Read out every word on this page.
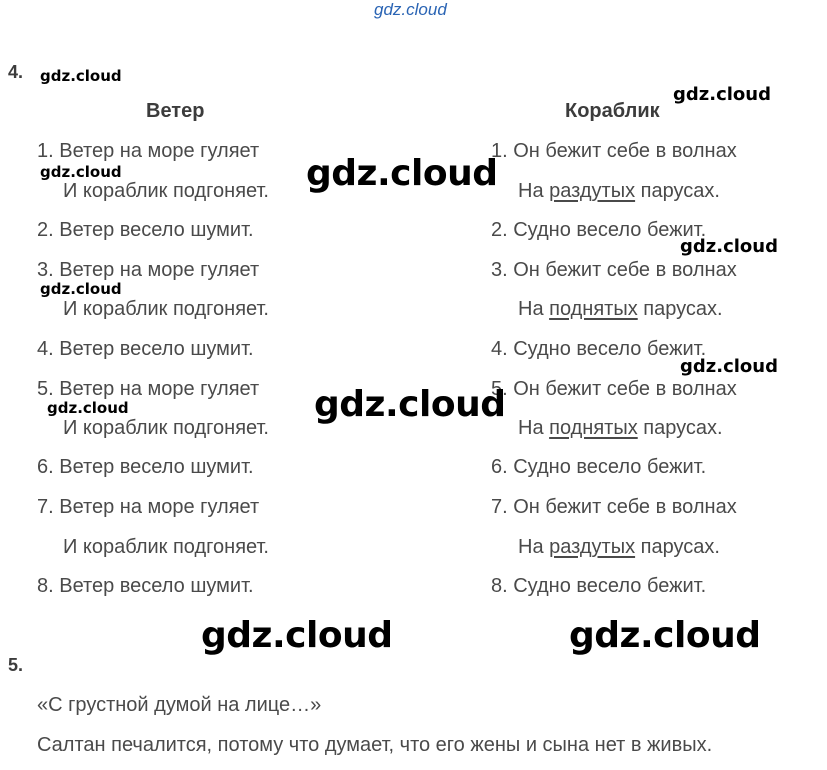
gdz.cloud
4. gdz.cloud
Ветер	Кораблик
gdz.cloud
1. Ветер на море гуляет
И кораблик подгоняет.
2. Ветер весело шумит.
3. Ветер на море гуляет
И кораблик подгоняет.
4. Ветер весело шумит.
5. Ветер на море гуляет
И кораблик подгоняет.
6. Ветер весело шумит.
7. Ветер на море гуляет
И кораблик подгоняет.
8. Ветер весело шумит.
1. Он бежит себе в волнах
На раздутых парусах.
2. Судно весело бежит.
3. Он бежит себе в волнах
На поднятых парусах.
4. Судно весело бежит.
5. Он бежит себе в волнах
На поднятых парусах.
6. Судно весело бежит.
7. Он бежит себе в волнах
На раздутых парусах.
8. Судно весело бежит.
gdz.cloud
gdz.cloud
gdz.cloud
gdz.cloud
gdz.cloud
gdz.cloud
gdz.cloud
gdz.cloud	gdz.cloud
5.
«С грустной думой на лице…»
Салтан печалится, потому что думает, что его жены и сына нет в живых.
